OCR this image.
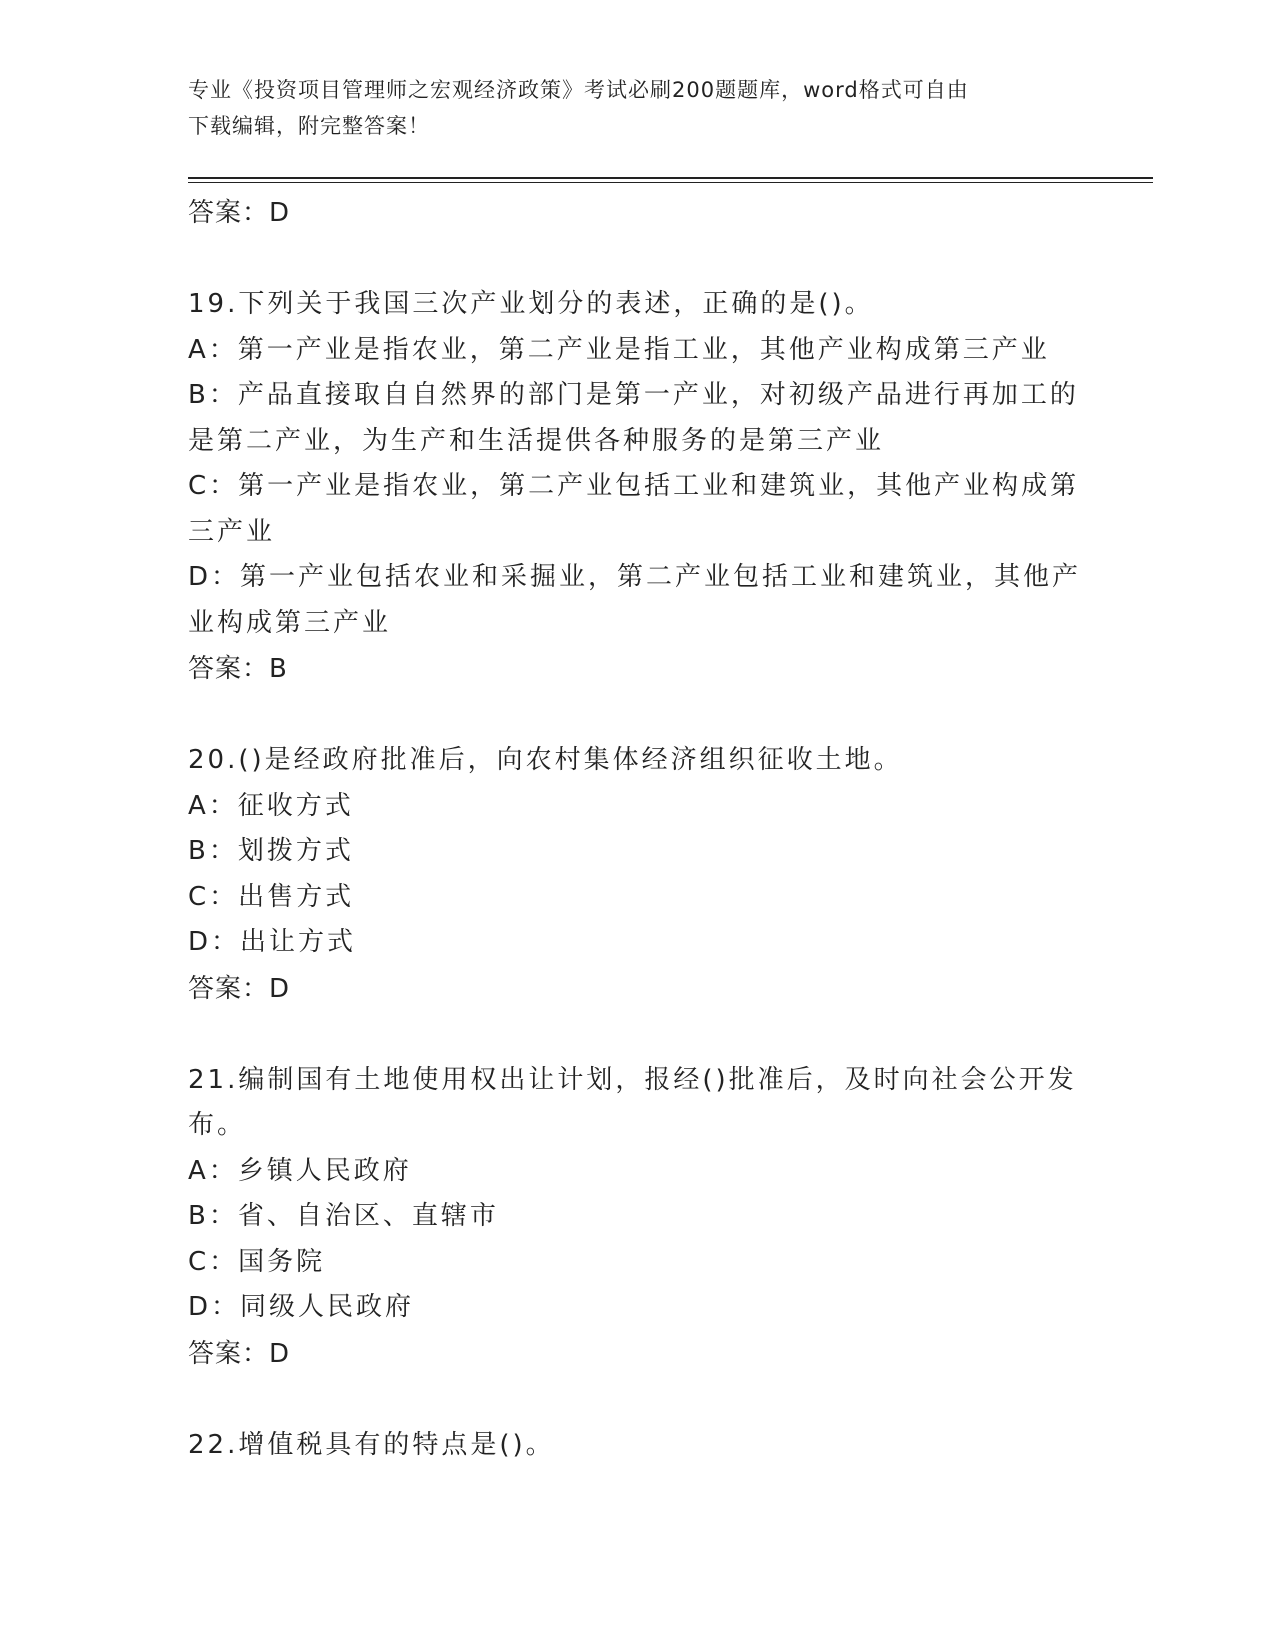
专业《投资项目管理师之宏观经济政策》考试必刷200题题库，word格式可自由
下载编辑，附完整答案！
答案：D
19.下列关于我国三次产业划分的表述，正确的是()。
A：第一产业是指农业，第二产业是指工业，其他产业构成第三产业
B：产品直接取自自然界的部门是第一产业，对初级产品进行再加工的
是第二产业，为生产和生活提供各种服务的是第三产业
C：第一产业是指农业，第二产业包括工业和建筑业，其他产业构成第
三产业
D：第一产业包括农业和采掘业，第二产业包括工业和建筑业，其他产
业构成第三产业
答案：B
20.()是经政府批准后，向农村集体经济组织征收土地。
A：征收方式
B：划拨方式
C：出售方式
D：出让方式
答案：D
21.编制国有土地使用权出让计划，报经()批准后，及时向社会公开发
布。
A：乡镇人民政府
B：省、自治区、直辖市
C：国务院
D：同级人民政府
答案：D
22.增值税具有的特点是()。
